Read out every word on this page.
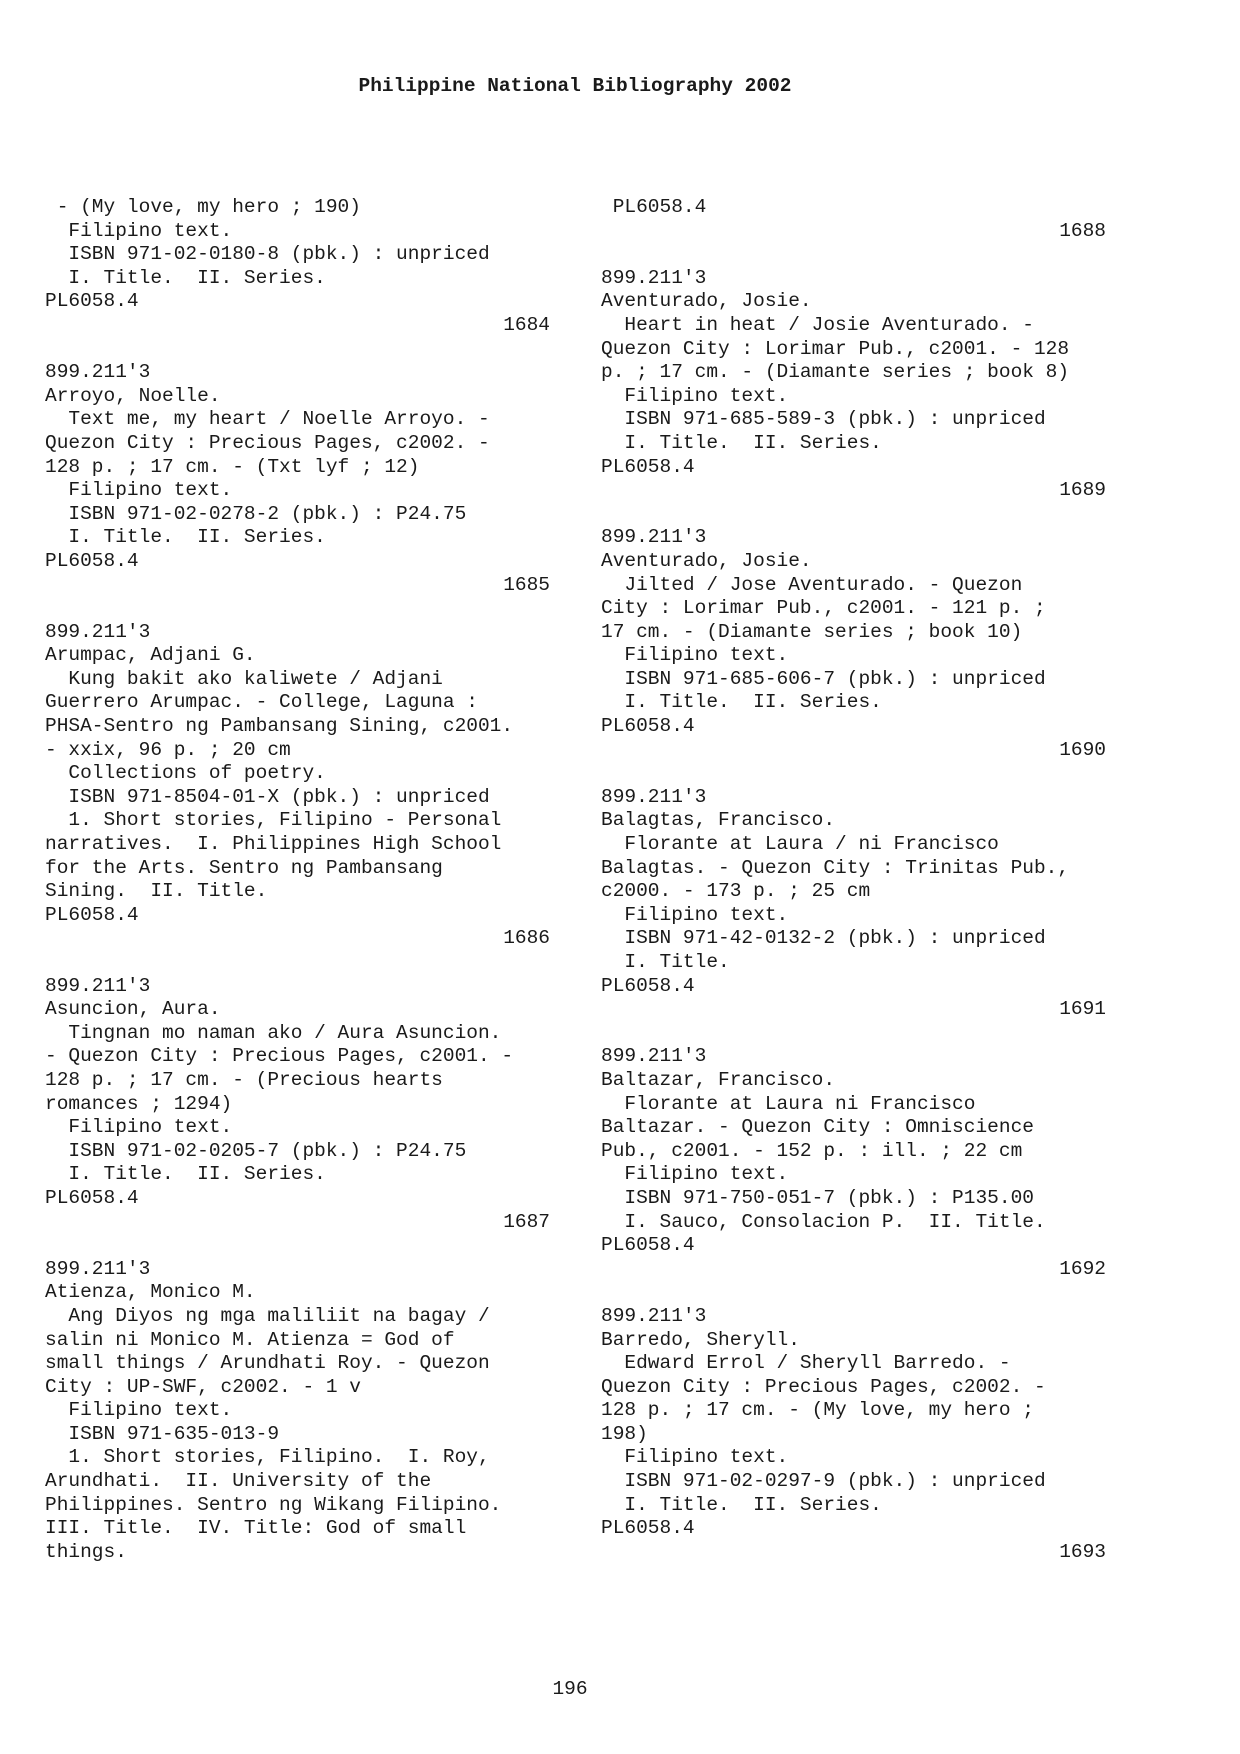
Philippine National Bibliography 2002
- (My love, my hero ; 190)
Filipino text.
ISBN 971-02-0180-8 (pbk.) : unpriced
I. Title.  II. Series.
PL6058.4
1684
899.211'3
Arroyo, Noelle.
Text me, my heart / Noelle Arroyo. -
Quezon City : Precious Pages, c2002. -
128 p. ; 17 cm. - (Txt lyf ; 12)
Filipino text.
ISBN 971-02-0278-2 (pbk.) : P24.75
I. Title.  II. Series.
PL6058.4
1685
899.211'3
Arumpac, Adjani G.
Kung bakit ako kaliwete / Adjani
Guerrero Arumpac. - College, Laguna :
PHSA-Sentro ng Pambansang Sining, c2001.
- xxix, 96 p. ; 20 cm
Collections of poetry.
ISBN 971-8504-01-X (pbk.) : unpriced
1. Short stories, Filipino - Personal
narratives.  I. Philippines High School
for the Arts. Sentro ng Pambansang
Sining.  II. Title.
PL6058.4
1686
899.211'3
Asuncion, Aura.
Tingnan mo naman ako / Aura Asuncion.
- Quezon City : Precious Pages, c2001. -
128 p. ; 17 cm. - (Precious hearts
romances ; 1294)
Filipino text.
ISBN 971-02-0205-7 (pbk.) : P24.75
I. Title.  II. Series.
PL6058.4
1687
899.211'3
Atienza, Monico M.
Ang Diyos ng mga maliliit na bagay /
salin ni Monico M. Atienza = God of
small things / Arundhati Roy. - Quezon
City : UP-SWF, c2002. - 1 v
Filipino text.
ISBN 971-635-013-9
1. Short stories, Filipino.  I. Roy,
Arundhati.  II. University of the
Philippines. Sentro ng Wikang Filipino.
III. Title.  IV. Title: God of small
things.
PL6058.4
1688
899.211'3
Aventurado, Josie.
Heart in heat / Josie Aventurado. -
Quezon City : Lorimar Pub., c2001. - 128
p. ; 17 cm. - (Diamante series ; book 8)
Filipino text.
ISBN 971-685-589-3 (pbk.) : unpriced
I. Title.  II. Series.
PL6058.4
1689
899.211'3
Aventurado, Josie.
Jilted / Jose Aventurado. - Quezon
City : Lorimar Pub., c2001. - 121 p. ;
17 cm. - (Diamante series ; book 10)
Filipino text.
ISBN 971-685-606-7 (pbk.) : unpriced
I. Title.  II. Series.
PL6058.4
1690
899.211'3
Balagtas, Francisco.
Florante at Laura / ni Francisco
Balagtas. - Quezon City : Trinitas Pub.,
c2000. - 173 p. ; 25 cm
Filipino text.
ISBN 971-42-0132-2 (pbk.) : unpriced
I. Title.
PL6058.4
1691
899.211'3
Baltazar, Francisco.
Florante at Laura ni Francisco
Baltazar. - Quezon City : Omniscience
Pub., c2001. - 152 p. : ill. ; 22 cm
Filipino text.
ISBN 971-750-051-7 (pbk.) : P135.00
I. Sauco, Consolacion P.  II. Title.
PL6058.4
1692
899.211'3
Barredo, Sheryll.
Edward Errol / Sheryll Barredo. -
Quezon City : Precious Pages, c2002. -
128 p. ; 17 cm. - (My love, my hero ;
198)
Filipino text.
ISBN 971-02-0297-9 (pbk.) : unpriced
I. Title.  II. Series.
PL6058.4
1693
196
